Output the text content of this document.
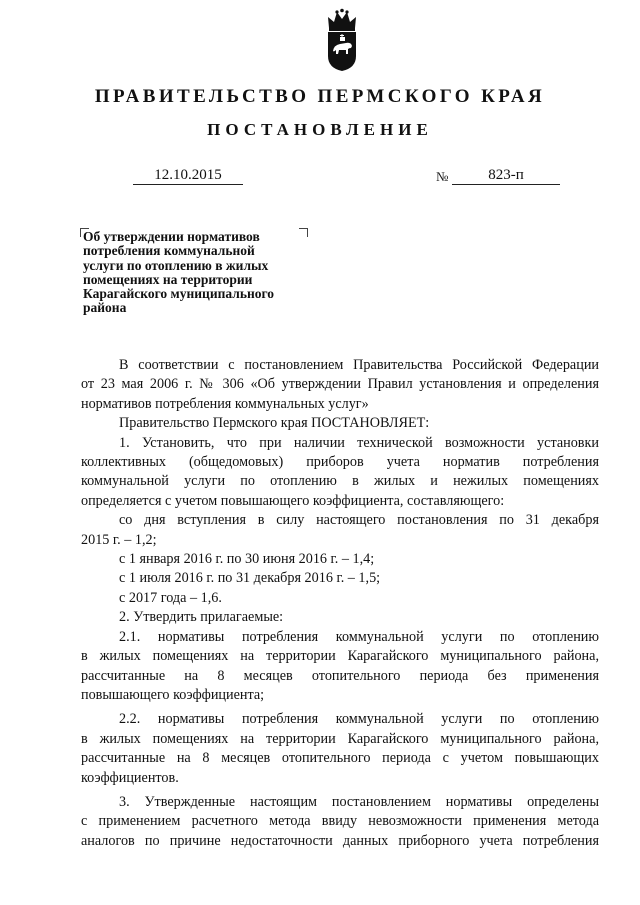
ПРАВИТЕЛЬСТВО ПЕРМСКОГО КРАЯ
ПОСТАНОВЛЕНИЕ
12.10.2015	№	823-п
Об утверждении нормативов
потребления коммунальной
услуги по отоплению в жилых
помещениях на территории
Карагайского муниципального
района

В соответствии с постановлением Правительства Российской Федерации

от 23 мая 2006 г. № 306 «Об утверждении Правил установления и определения

нормативов потребления коммунальных услуг»

Правительство Пермского края ПОСТАНОВЛЯЕТ:

1. Установить, что при наличии технической возможности установки

коллективных (общедомовых) приборов учета норматив потребления

коммунальной услуги по отоплению в жилых и нежилых помещениях

определяется с учетом повышающего коэффициента, составляющего:

со дня вступления в силу настоящего постановления по 31 декабря

2015 г. – 1,2;

с 1 января 2016 г. по 30 июня 2016 г. – 1,4;

с 1 июля 2016 г. по 31 декабря 2016 г. – 1,5;

с 2017 года – 1,6.

2. Утвердить прилагаемые:

2.1. нормативы потребления коммунальной услуги по отоплению

в жилых помещениях на территории Карагайского муниципального района,

рассчитанные на 8 месяцев отопительного периода без применения

повышающего коэффициента;

2.2. нормативы потребления коммунальной услуги по отоплению

в жилых помещениях на территории Карагайского муниципального района,

рассчитанные на 8 месяцев отопительного периода с учетом повышающих

коэффициентов.

3. Утвержденные настоящим постановлением нормативы определены

с применением расчетного метода ввиду невозможности применения метода

аналогов по причине недостаточности данных приборного учета потребления
